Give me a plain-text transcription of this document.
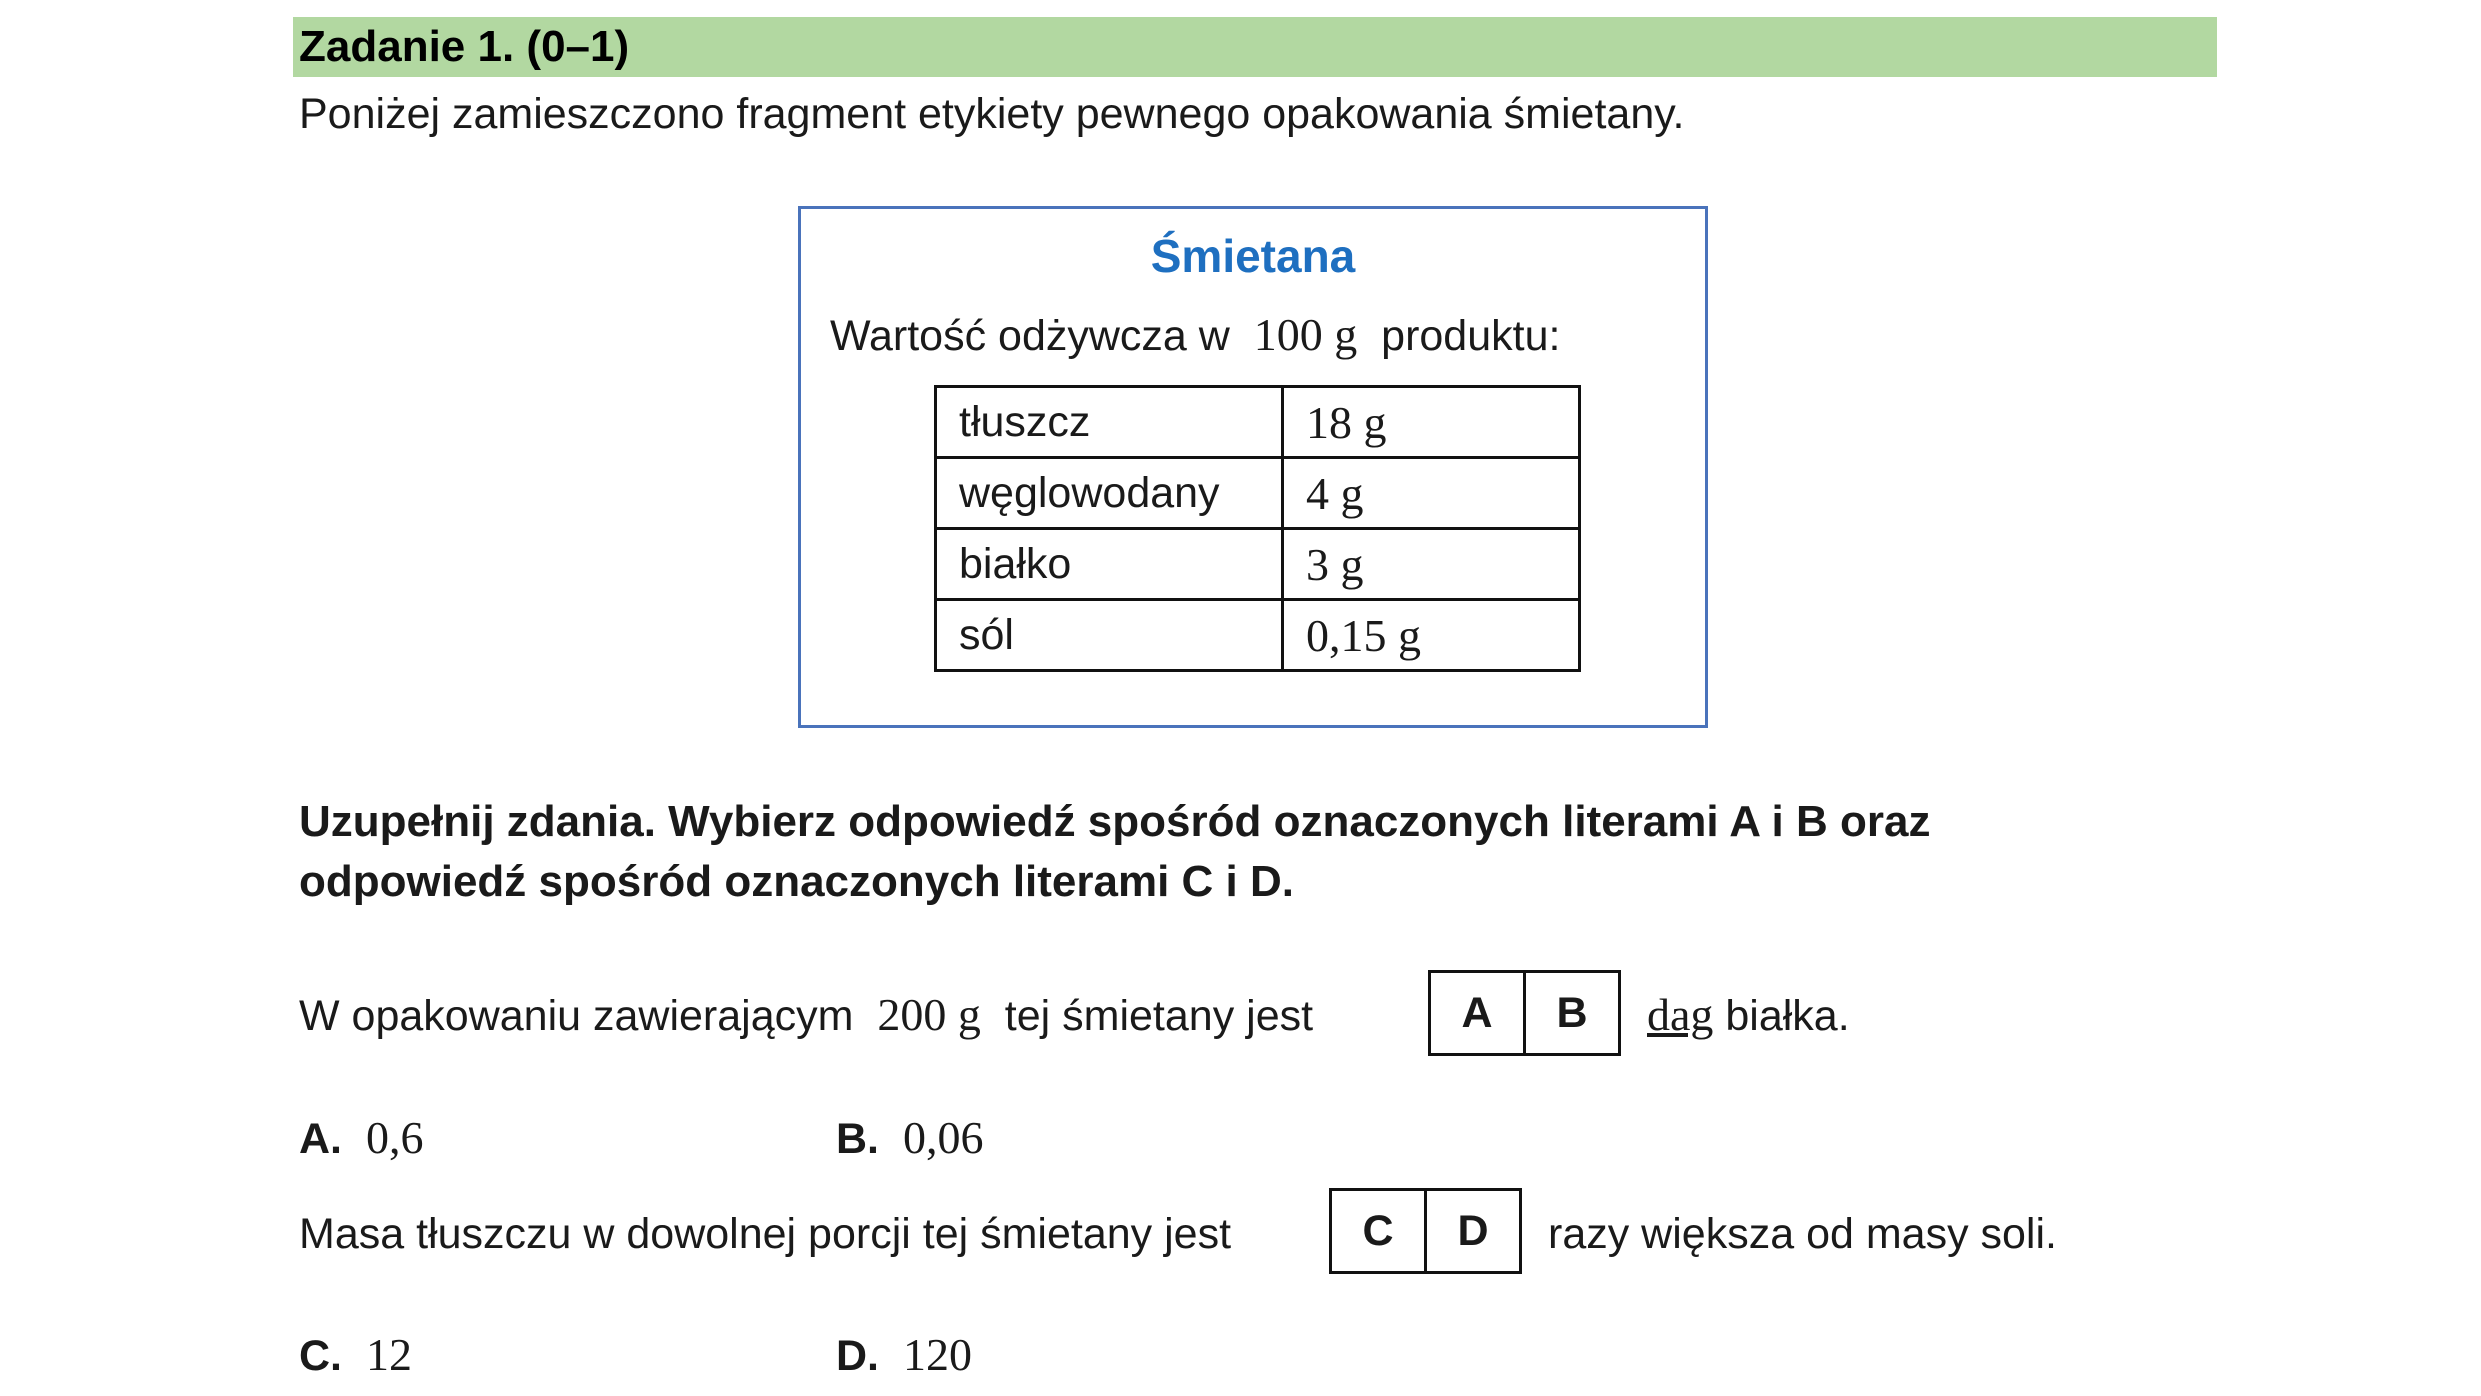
Zadanie 1. (0–1)
Poniżej zamieszczono fragment etykiety pewnego opakowania śmietany.
Śmietana
Wartość odżywcza w 100 g produktu:
tłuszcz	18 g
węglowodany	4 g
białko	3 g
sól	0,15 g
Uzupełnij zdania. Wybierz odpowiedź spośród oznaczonych literami A i B oraz
odpowiedź spośród oznaczonych literami C i D.
W opakowaniu zawierającym 200 g tej śmietany jest	A	B	dag białka.
A. 0,6	B. 0,06
Masa tłuszczu w dowolnej porcji tej śmietany jest	C	D	razy większa od masy soli.
C. 12	D. 120
